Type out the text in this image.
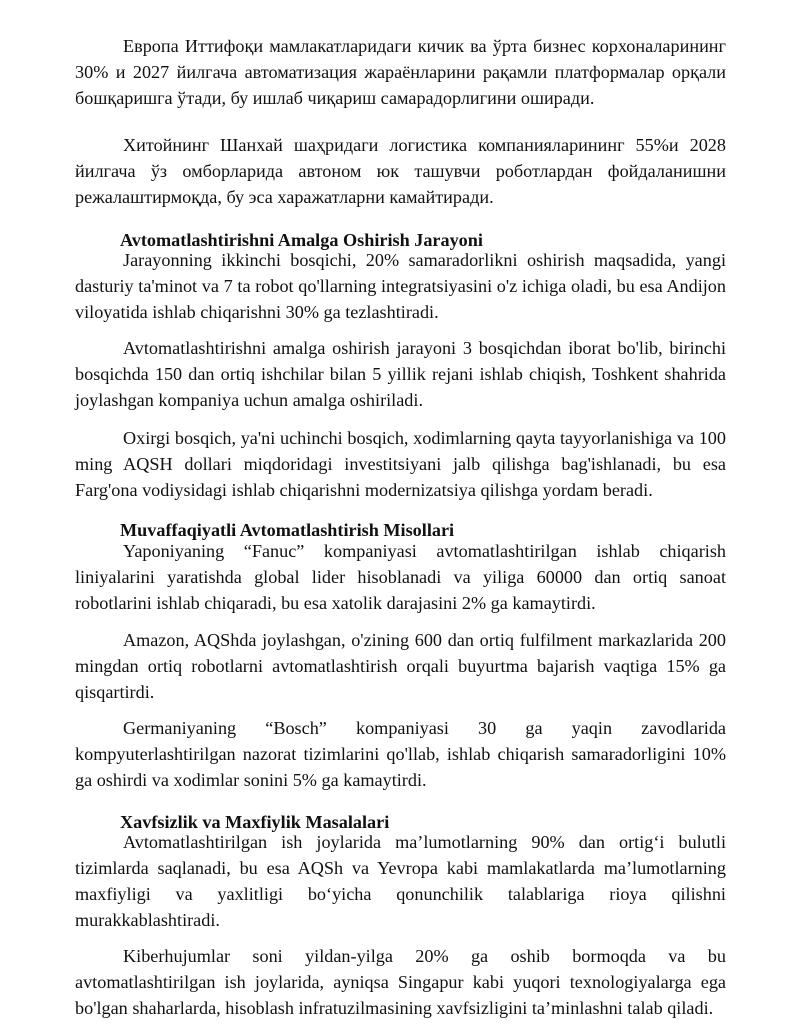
Европа Иттифоқи мамлакатларидаги кичик ва ўрта бизнес корхоналарининг 30% и 2027 йилгача автоматизация жараёнларини рақамли платформалар орқали бошқаришга ўтади, бу ишлаб чиқариш самарадорлигини оширади.

Хитойнинг Шанхай шаҳридаги логистика компанияларининг 55%и 2028 йилгача ўз омборларида автоном юк ташувчи роботлардан фойдаланишни режалаштирмоқда, бу эса харажатларни камайтиради.

Avtomatlashtirishni Amalga Oshirish Jarayoni

Jarayonning ikkinchi bosqichi, 20% samaradorlikni oshirish maqsadida, yangi dasturiy ta'minot va 7 ta robot qo'llarning integratsiyasini o'z ichiga oladi, bu esa Andijon viloyatida ishlab chiqarishni 30% ga tezlashtiradi.

Avtomatlashtirishni amalga oshirish jarayoni 3 bosqichdan iborat bo'lib, birinchi bosqichda 150 dan ortiq ishchilar bilan 5 yillik rejani ishlab chiqish, Toshkent shahrida joylashgan kompaniya uchun amalga oshiriladi.

Oxirgi bosqich, ya'ni uchinchi bosqich, xodimlarning qayta tayyorlanishiga va 100 ming AQSH dollari miqdoridagi investitsiyani jalb qilishga bag'ishlanadi, bu esa Farg'ona vodiysidagi ishlab chiqarishni modernizatsiya qilishga yordam beradi.

Muvaffaqiyatli Avtomatlashtirish Misollari

Yaponiyaning “Fanuc” kompaniyasi avtomatlashtirilgan ishlab chiqarish liniyalarini yaratishda global lider hisoblanadi va yiliga 60000 dan ortiq sanoat robotlarini ishlab chiqaradi, bu esa xatolik darajasini 2% ga kamaytirdi.

Amazon, AQShda joylashgan, o'zining 600 dan ortiq fulfilment markazlarida 200 mingdan ortiq robotlarni avtomatlashtirish orqali buyurtma bajarish vaqtiga 15% ga qisqartirdi.

Germaniyaning “Bosch” kompaniyasi 30 ga yaqin zavodlarida kompyuterlashtirilgan nazorat tizimlarini qo'llab, ishlab chiqarish samaradorligini 10% ga oshirdi va xodimlar sonini 5% ga kamaytirdi.

Xavfsizlik va Maxfiylik Masalalari

Avtomatlashtirilgan ish joylarida ma’lumotlarning 90% dan ortig‘i bulutli tizimlarda saqlanadi, bu esa AQSh va Yevropa kabi mamlakatlarda ma’lumotlarning maxfiyligi va yaxlitligi bo‘yicha qonunchilik talablariga rioya qilishni murakkablashtiradi.

Kiberhujumlar soni yildan-yilga 20% ga oshib bormoqda va bu avtomatlashtirilgan ish joylarida, ayniqsa Singapur kabi yuqori texnologiyalarga ega bo'lgan shaharlarda, hisoblash infratuzilmasining xavfsizligini ta’minlashni talab qiladi.
